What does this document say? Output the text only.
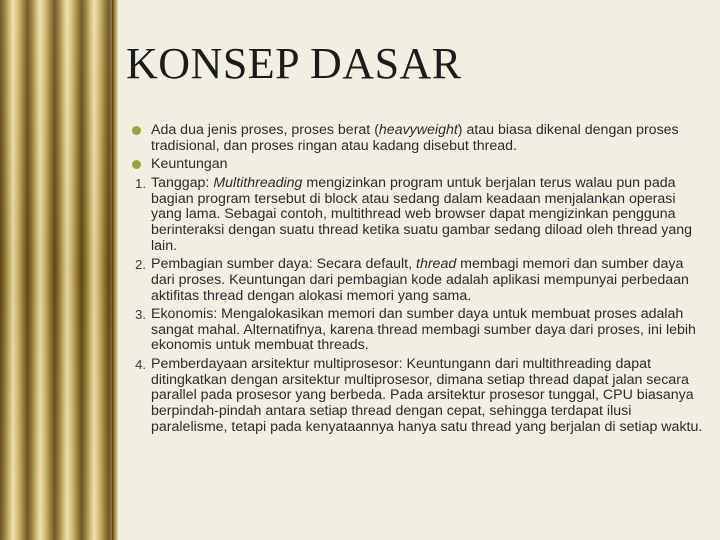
KONSEP DASAR
Ada dua jenis proses, proses berat (heavyweight) atau biasa dikenal dengan proses tradisional, dan proses ringan atau kadang disebut thread.
Keuntungan
1. Tanggap: Multithreading mengizinkan program untuk berjalan terus walau pun pada bagian program tersebut di block atau sedang dalam keadaan menjalankan operasi yang lama. Sebagai contoh, multithread web browser dapat mengizinkan pengguna berinteraksi dengan suatu thread ketika suatu gambar sedang diload oleh thread yang lain.
2. Pembagian sumber daya: Secara default, thread membagi memori dan sumber daya dari proses. Keuntungan dari pembagian kode adalah aplikasi mempunyai perbedaan aktifitas thread dengan alokasi memori yang sama.
3. Ekonomis: Mengalokasikan memori dan sumber daya untuk membuat proses adalah sangat mahal. Alternatifnya, karena thread membagi sumber daya dari proses, ini lebih ekonomis untuk membuat threads.
4. Pemberdayaan arsitektur multiprosesor: Keuntungann dari multithreading dapat ditingkatkan dengan arsitektur multiprosesor, dimana setiap thread dapat jalan secara parallel pada prosesor yang berbeda. Pada arsitektur prosesor tunggal, CPU biasanya berpindah-pindah antara setiap thread dengan cepat, sehingga terdapat ilusi paralelisme, tetapi pada kenyataannya hanya satu thread yang berjalan di setiap waktu.
